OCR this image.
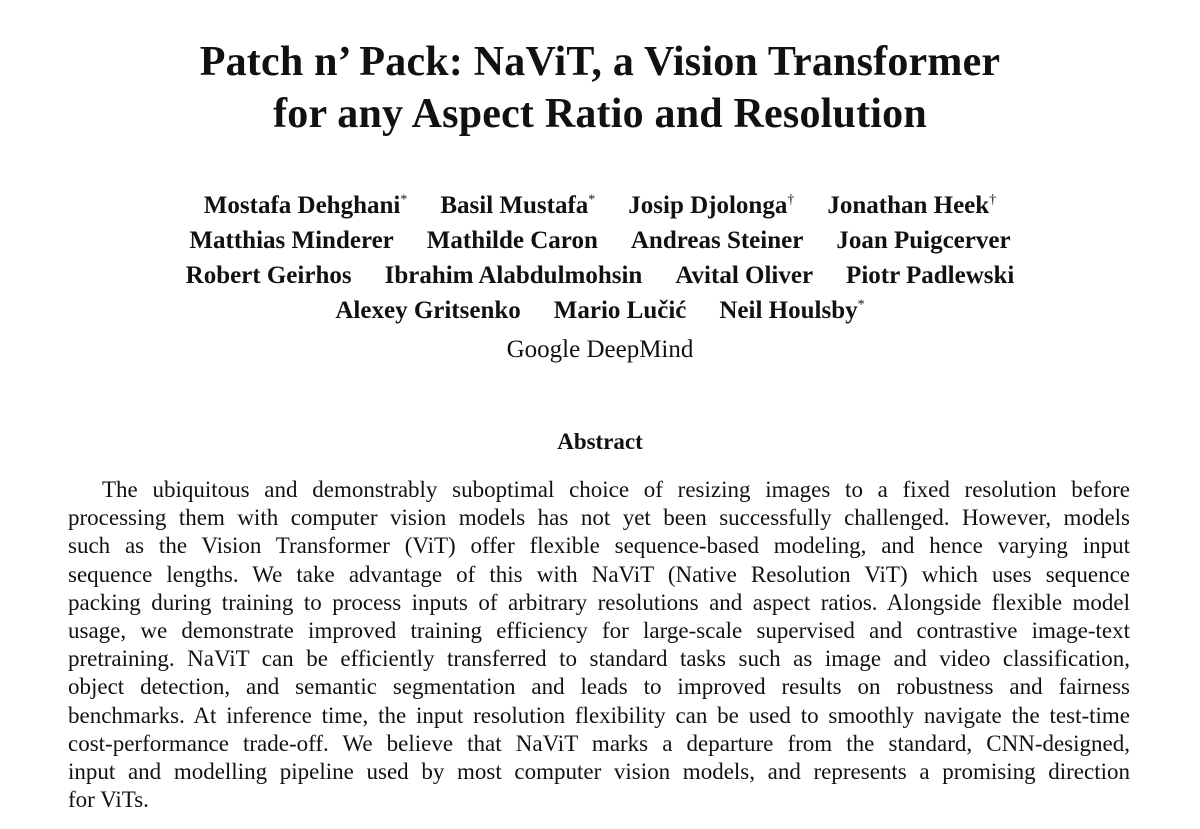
Patch n’ Pack: NaViT, a Vision Transformer
for any Aspect Ratio and Resolution
Mostafa Dehghani* Basil Mustafa* Josip Djolonga† Jonathan Heek†
Matthias Minderer Mathilde Caron Andreas Steiner Joan Puigcerver
Robert Geirhos Ibrahim Alabdulmohsin Avital Oliver Piotr Padlewski
Alexey Gritsenko Mario Lučić Neil Houlsby*
Google DeepMind
Abstract
The ubiquitous and demonstrably suboptimal choice of resizing images to a fixed resolution before
processing them with computer vision models has not yet been successfully challenged. However, models
such as the Vision Transformer (ViT) offer flexible sequence-based modeling, and hence varying input
sequence lengths. We take advantage of this with NaViT (Native Resolution ViT) which uses sequence
packing during training to process inputs of arbitrary resolutions and aspect ratios. Alongside flexible model
usage, we demonstrate improved training efficiency for large-scale supervised and contrastive image-text
pretraining. NaViT can be efficiently transferred to standard tasks such as image and video classification,
object detection, and semantic segmentation and leads to improved results on robustness and fairness
benchmarks. At inference time, the input resolution flexibility can be used to smoothly navigate the test-time
cost-performance trade-off. We believe that NaViT marks a departure from the standard, CNN-designed,
input and modelling pipeline used by most computer vision models, and represents a promising direction
for ViTs.
